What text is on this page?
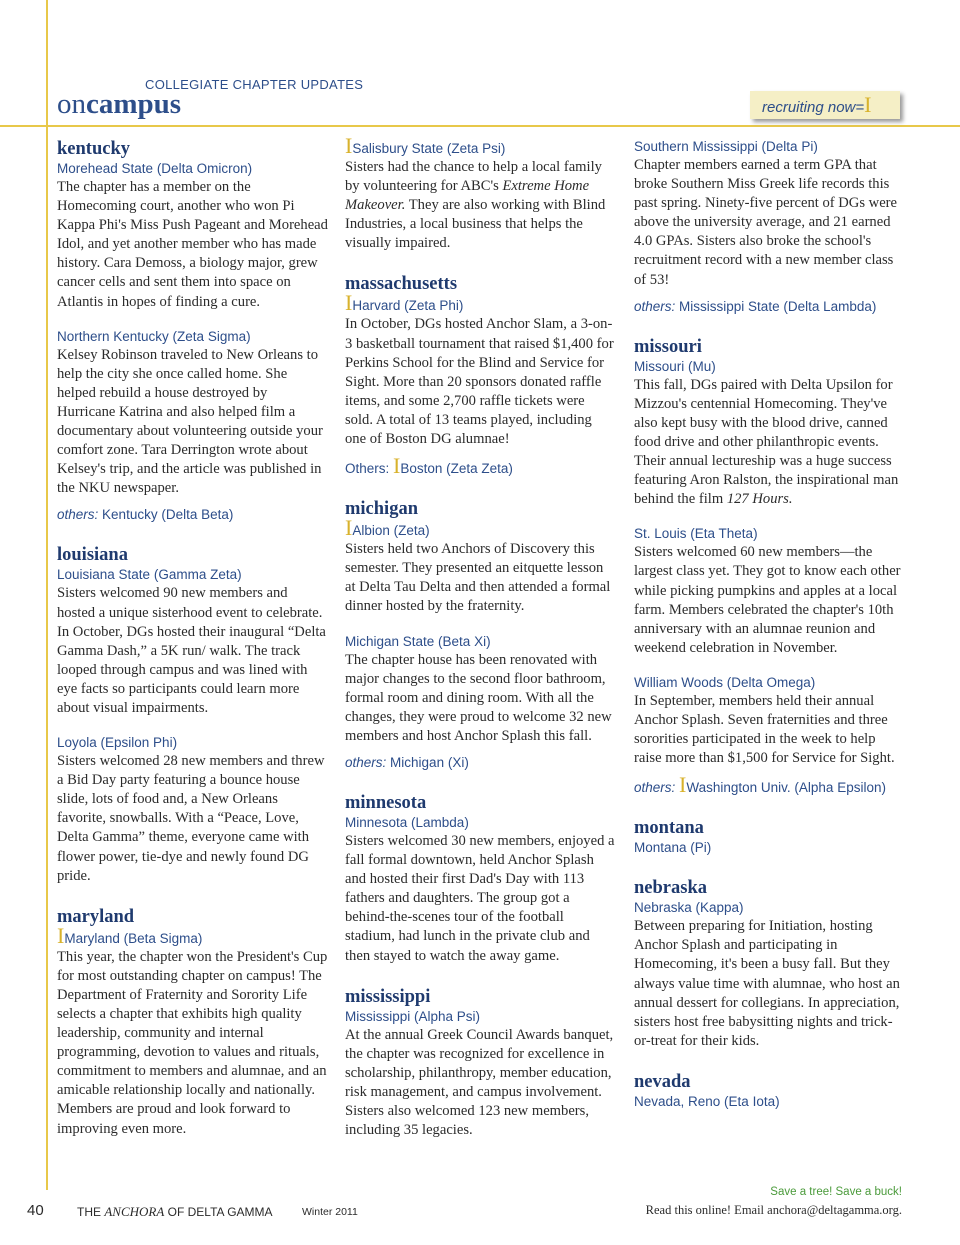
COLLEGIATE CHAPTER UPDATES
oncampus	recruiting now=I
kentucky
Morehead State (Delta Omicron)
The chapter has a member on the Homecoming court, another who won Pi Kappa Phi's Miss Push Pageant and Morehead Idol, and yet another member who has made history. Cara Demoss, a biology major, grew cancer cells and sent them into space on Atlantis in hopes of finding a cure.
Northern Kentucky (Zeta Sigma)
Kelsey Robinson traveled to New Orleans to help the city she once called home. She helped rebuild a house destroyed by Hurricane Katrina and also helped film a documentary about volunteering outside your comfort zone. Tara Derrington wrote about Kelsey's trip, and the article was published in the NKU newspaper.
others: Kentucky (Delta Beta)
louisiana
Louisiana State (Gamma Zeta)
Sisters welcomed 90 new members and hosted a unique sisterhood event to celebrate. In October, DGs hosted their inaugural “Delta Gamma Dash,” a 5K run/ walk. The track looped through campus and was lined with eye facts so participants could learn more about visual impairments.
Loyola (Epsilon Phi)
Sisters welcomed 28 new members and threw a Bid Day party featuring a bounce house slide, lots of food and, a New Orleans favorite, snowballs. With a “Peace, Love, Delta Gamma” theme, everyone came with flower power, tie-dye and newly found DG pride.
maryland
IMaryland (Beta Sigma)
This year, the chapter won the President's Cup for most outstanding chapter on campus! The Department of Fraternity and Sorority Life selects a chapter that exhibits high quality leadership, community and internal programming, devotion to values and rituals, commitment to members and alumnae, and an amicable relationship locally and nationally. Members are proud and look forward to improving even more.
ISalisbury State (Zeta Psi)
Sisters had the chance to help a local family by volunteering for ABC's Extreme Home Makeover. They are also working with Blind Industries, a local business that helps the visually impaired.
massachusetts
IHarvard (Zeta Phi)
In October, DGs hosted Anchor Slam, a 3-on-3 basketball tournament that raised $1,400 for Perkins School for the Blind and Service for Sight. More than 20 sponsors donated raffle items, and some 2,700 raffle tickets were sold. A total of 13 teams played, including one of Boston DG alumnae!
Others: IBoston (Zeta Zeta)
michigan
IAlbion (Zeta)
Sisters held two Anchors of Discovery this semester. They presented an eitquette lesson at Delta Tau Delta and then attended a formal dinner hosted by the fraternity.
Michigan State (Beta Xi)
The chapter house has been renovated with major changes to the second floor bathroom, formal room and dining room. With all the changes, they were proud to welcome 32 new members and host Anchor Splash this fall.
others: Michigan (Xi)
minnesota
Minnesota (Lambda)
Sisters welcomed 30 new members, enjoyed a fall formal downtown, held Anchor Splash and hosted their first Dad's Day with 113 fathers and daughters. The group got a behind-the-scenes tour of the football stadium, had lunch in the private club and then stayed to watch the away game.
mississippi
Mississippi (Alpha Psi)
At the annual Greek Council Awards banquet, the chapter was recognized for excellence in scholarship, philanthropy, member education, risk management, and campus involvement. Sisters also welcomed 123 new members, including 35 legacies.
Southern Mississippi (Delta Pi)
Chapter members earned a term GPA that broke Southern Miss Greek life records this past spring. Ninety-five percent of DGs were above the university average, and 21 earned 4.0 GPAs. Sisters also broke the school's recruitment record with a new member class of 53!
others: Mississippi State (Delta Lambda)
missouri
Missouri (Mu)
This fall, DGs paired with Delta Upsilon for Mizzou's centennial Homecoming. They've also kept busy with the blood drive, canned food drive and other philanthropic events. Their annual lectureship was a huge success featuring Aron Ralston, the inspirational man behind the film 127 Hours.
St. Louis (Eta Theta)
Sisters welcomed 60 new members—the largest class yet. They got to know each other while picking pumpkins and apples at a local farm. Members celebrated the chapter's 10th anniversary with an alumnae reunion and weekend celebration in November.
William Woods (Delta Omega)
In September, members held their annual Anchor Splash. Seven fraternities and three sororities participated in the week to help raise more than $1,500 for Service for Sight.
others: IWashington Univ. (Alpha Epsilon)
montana
Montana (Pi)
nebraska
Nebraska (Kappa)
Between preparing for Initiation, hosting Anchor Splash and participating in Homecoming, it's been a busy fall. But they always value time with alumnae, who host an annual dessert for collegians. In appreciation, sisters host free babysitting nights and trick-or-treat for their kids.
nevada
Nevada, Reno (Eta Iota)
40	THE ANCHORA OF DELTA GAMMA	Winter 2011
Save a tree! Save a buck!
Read this online! Email anchora@deltagamma.org.
